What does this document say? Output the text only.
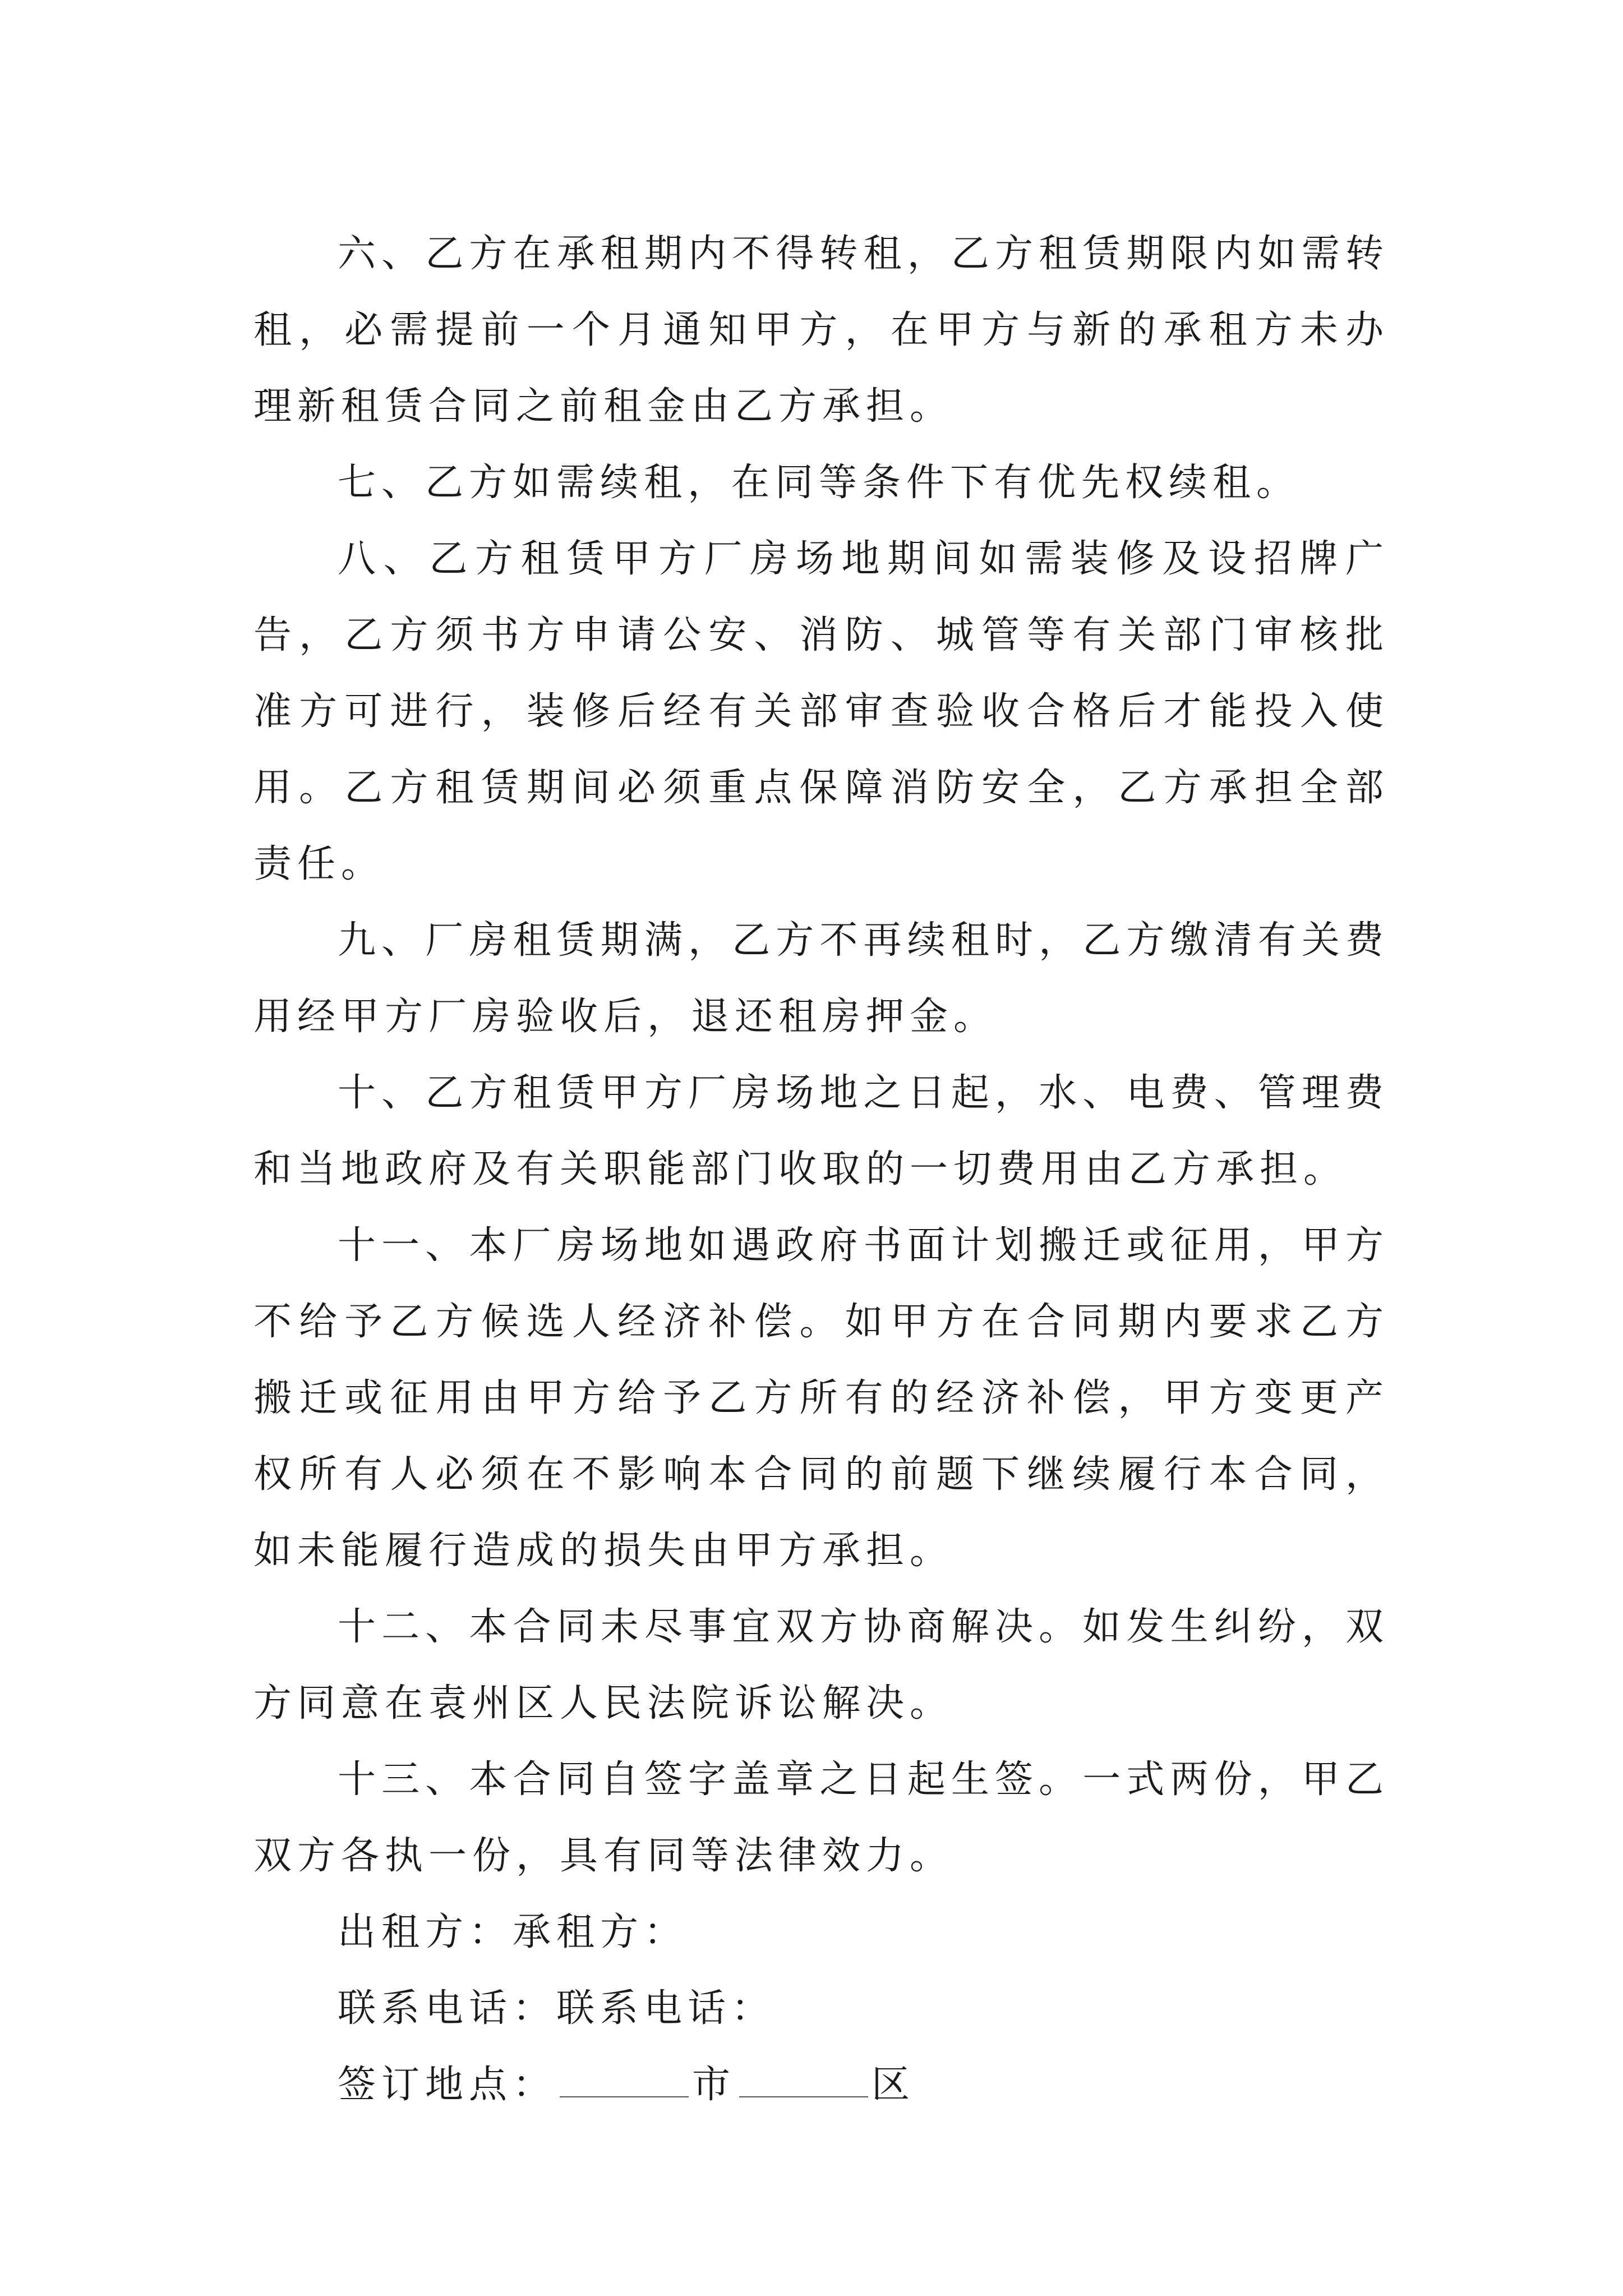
六、乙方在承租期内不得转租，乙方租赁期限内如需转租，必需提前一个月通知甲方，在甲方与新的承租方未办理新租赁合同之前租金由乙方承担。

七、乙方如需续租，在同等条件下有优先权续租。

八、乙方租赁甲方厂房场地期间如需装修及设招牌广告，乙方须书方申请公安、消防、城管等有关部门审核批准方可进行，装修后经有关部审查验收合格后才能投入使用。乙方租赁期间必须重点保障消防安全，乙方承担全部责任。

九、厂房租赁期满，乙方不再续租时，乙方缴清有关费用经甲方厂房验收后，退还租房押金。

十、乙方租赁甲方厂房场地之日起，水、电费、管理费和当地政府及有关职能部门收取的一切费用由乙方承担。

十一、本厂房场地如遇政府书面计划搬迁或征用，甲方不给予乙方候选人经济补偿。如甲方在合同期内要求乙方搬迁或征用由甲方给予乙方所有的经济补偿，甲方变更产权所有人必须在不影响本合同的前题下继续履行本合同，如未能履行造成的损失由甲方承担。

十二、本合同未尽事宜双方协商解决。如发生纠纷，双方同意在袁州区人民法院诉讼解决。

十三、本合同自签字盖章之日起生签。一式两份，甲乙双方各执一份，具有同等法律效力。

出租方：承租方：

联系电话：联系电话：

签订地点：	市	区
